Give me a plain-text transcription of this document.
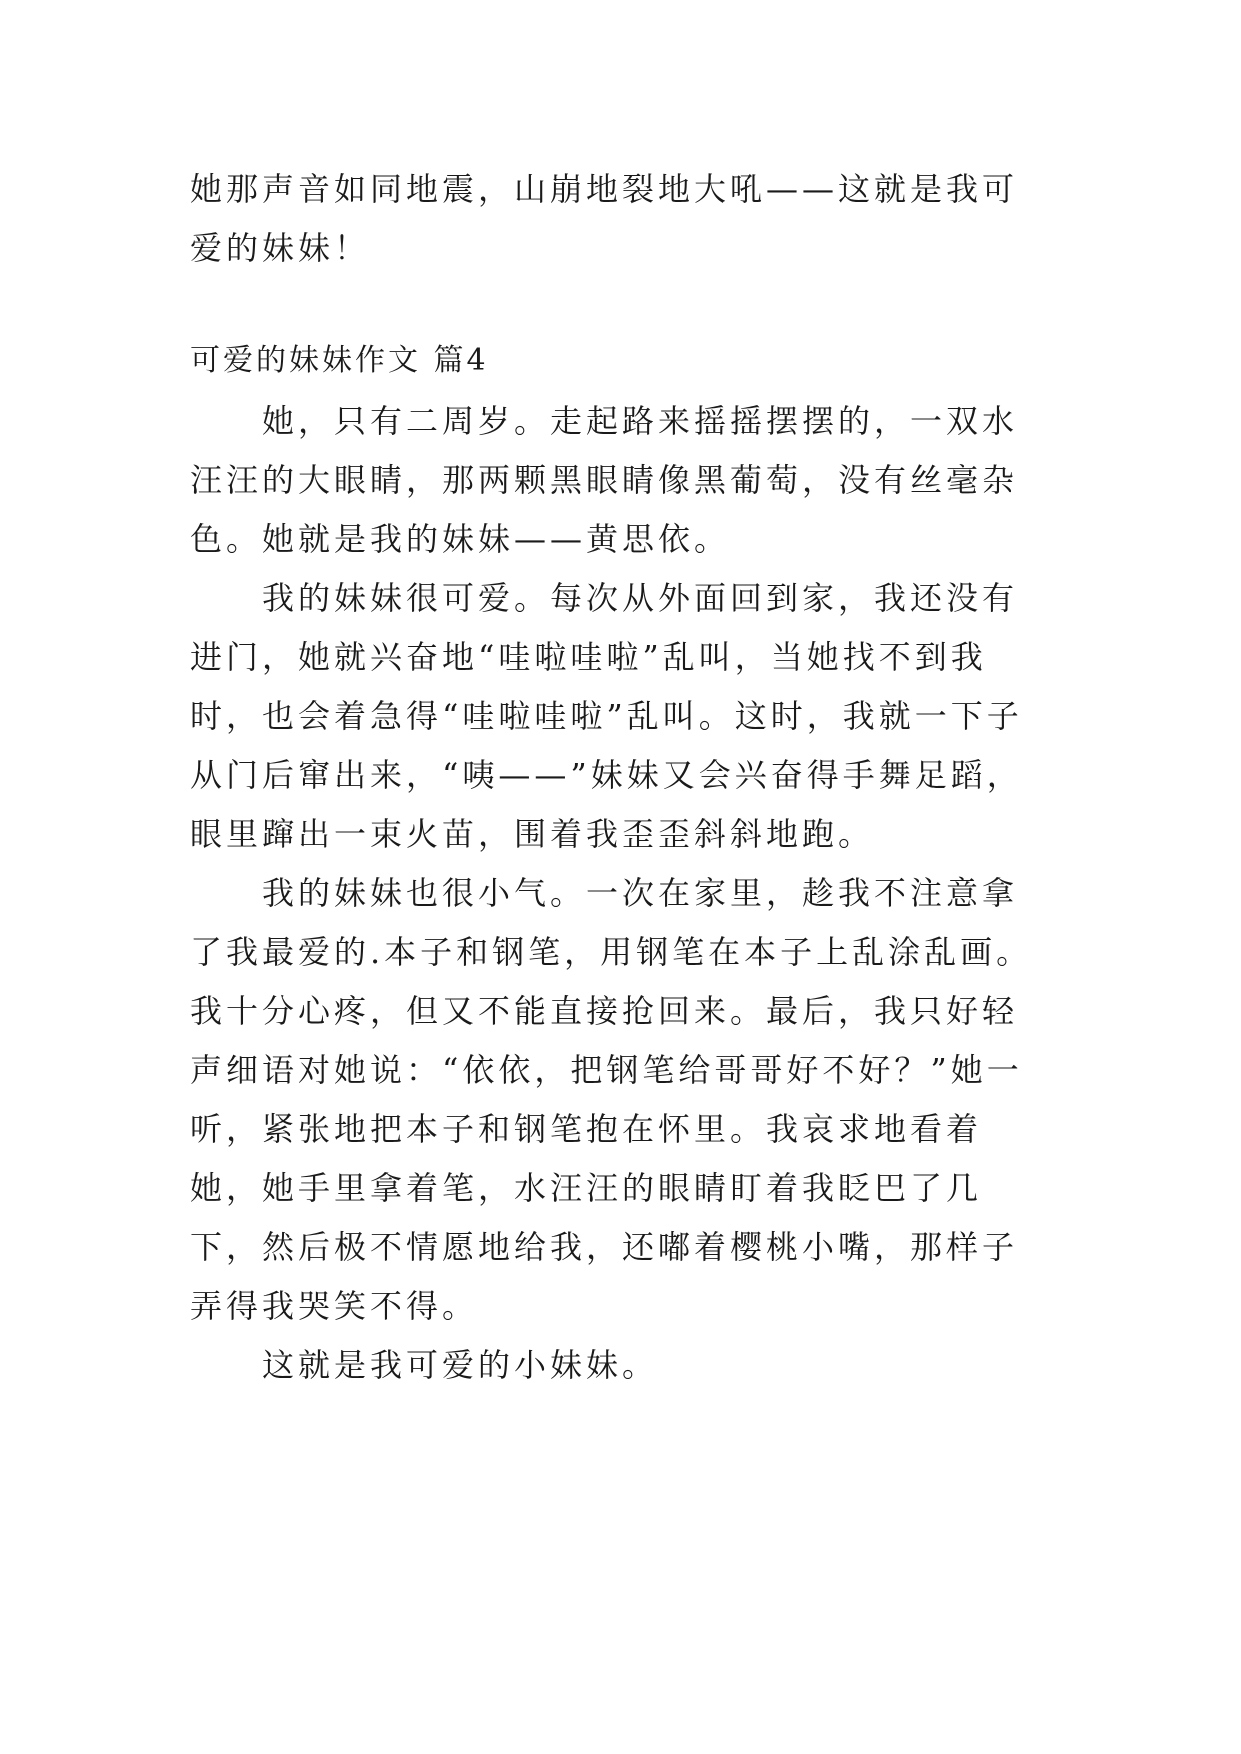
她那声音如同地震，山崩地裂地大吼——这就是我可爱的妹妹！
可爱的妹妹作文 篇4

她，只有二周岁。走起路来摇摇摆摆的，一双水汪汪的大眼睛，那两颗黑眼睛像黑葡萄，没有丝毫杂色。她就是我的妹妹——黄思依。

我的妹妹很可爱。每次从外面回到家，我还没有进门，她就兴奋地“哇啦哇啦”乱叫，当她找不到我时，也会着急得“哇啦哇啦”乱叫。这时，我就一下子从门后窜出来，“咦——”妹妹又会兴奋得手舞足蹈，眼里蹿出一束火苗，围着我歪歪斜斜地跑。

我的妹妹也很小气。一次在家里，趁我不注意拿了我最爱的.本子和钢笔，用钢笔在本子上乱涂乱画。我十分心疼，但又不能直接抢回来。最后，我只好轻声细语对她说：“依依，把钢笔给哥哥好不好？”她一听，紧张地把本子和钢笔抱在怀里。我哀求地看着她，她手里拿着笔，水汪汪的眼睛盯着我眨巴了几下，然后极不情愿地给我，还嘟着樱桃小嘴，那样子弄得我哭笑不得。

这就是我可爱的小妹妹。
